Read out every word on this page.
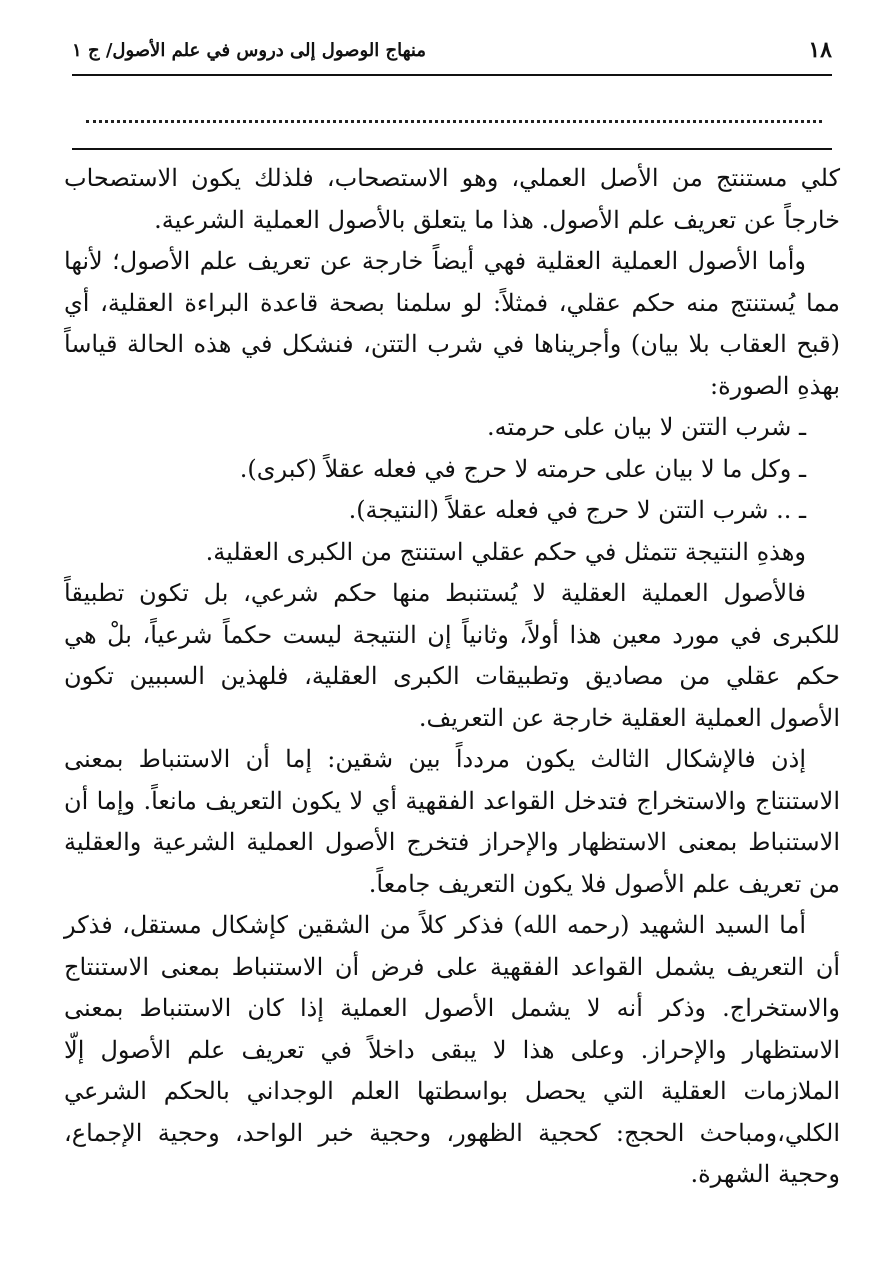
منهاج الوصول إلى دروس في علم الأصول/ ج ١	١٨

كلي مستنتج من الأصل العملي، وهو الاستصحاب، فلذلك يكون الاستصحاب خارجاً عن تعريف علم الأصول. هذا ما يتعلق بالأصول العملية الشرعية.

وأما الأصول العملية العقلية فهي أيضاً خارجة عن تعريف علم الأصول؛ لأنها مما يُستنتج منه حكم عقلي، فمثلاً: لو سلمنا بصحة قاعدة البراءة العقلية، أي (قبح العقاب بلا بيان) وأجريناها في شرب التتن، فنشكل في هذه الحالة قياساً بهذهِ الصورة:

ـ شرب التتن لا بيان على حرمته.

ـ وكل ما لا بيان على حرمته لا حرج في فعله عقلاً (كبرى).

ـ .. شرب التتن لا حرج في فعله عقلاً (النتيجة).

وهذهِ النتيجة تتمثل في حكم عقلي استنتج من الكبرى العقلية.

فالأصول العملية العقلية لا يُستنبط منها حكم شرعي، بل تكون تطبيقاً للكبرى في مورد معين هذا أولاً، وثانياً إن النتيجة ليست حكماً شرعياً، بلْ هي حكم عقلي من مصاديق وتطبيقات الكبرى العقلية، فلهذين السببين تكون الأصول العملية العقلية خارجة عن التعريف.

إذن فالإشكال الثالث يكون مردداً بين شقين: إما أن الاستنباط بمعنى الاستنتاج والاستخراج فتدخل القواعد الفقهية أي لا يكون التعريف مانعاً. وإما أن الاستنباط بمعنى الاستظهار والإحراز فتخرج الأصول العملية الشرعية والعقلية من تعريف علم الأصول فلا يكون التعريف جامعاً.

أما السيد الشهيد (رحمه الله) فذكر كلاً من الشقين كإشكال مستقل، فذكر أن التعريف يشمل القواعد الفقهية على فرض أن الاستنباط بمعنى الاستنتاج والاستخراج. وذكر أنه لا يشمل الأصول العملية إذا كان الاستنباط بمعنى الاستظهار والإحراز. وعلى هذا لا يبقى داخلاً في تعريف علم الأصول إلّا الملازمات العقلية التي يحصل بواسطتها العلم الوجداني بالحكم الشرعي الكلي،ومباحث الحجج: كحجية الظهور، وحجية خبر الواحد، وحجية الإجماع، وحجية الشهرة.
